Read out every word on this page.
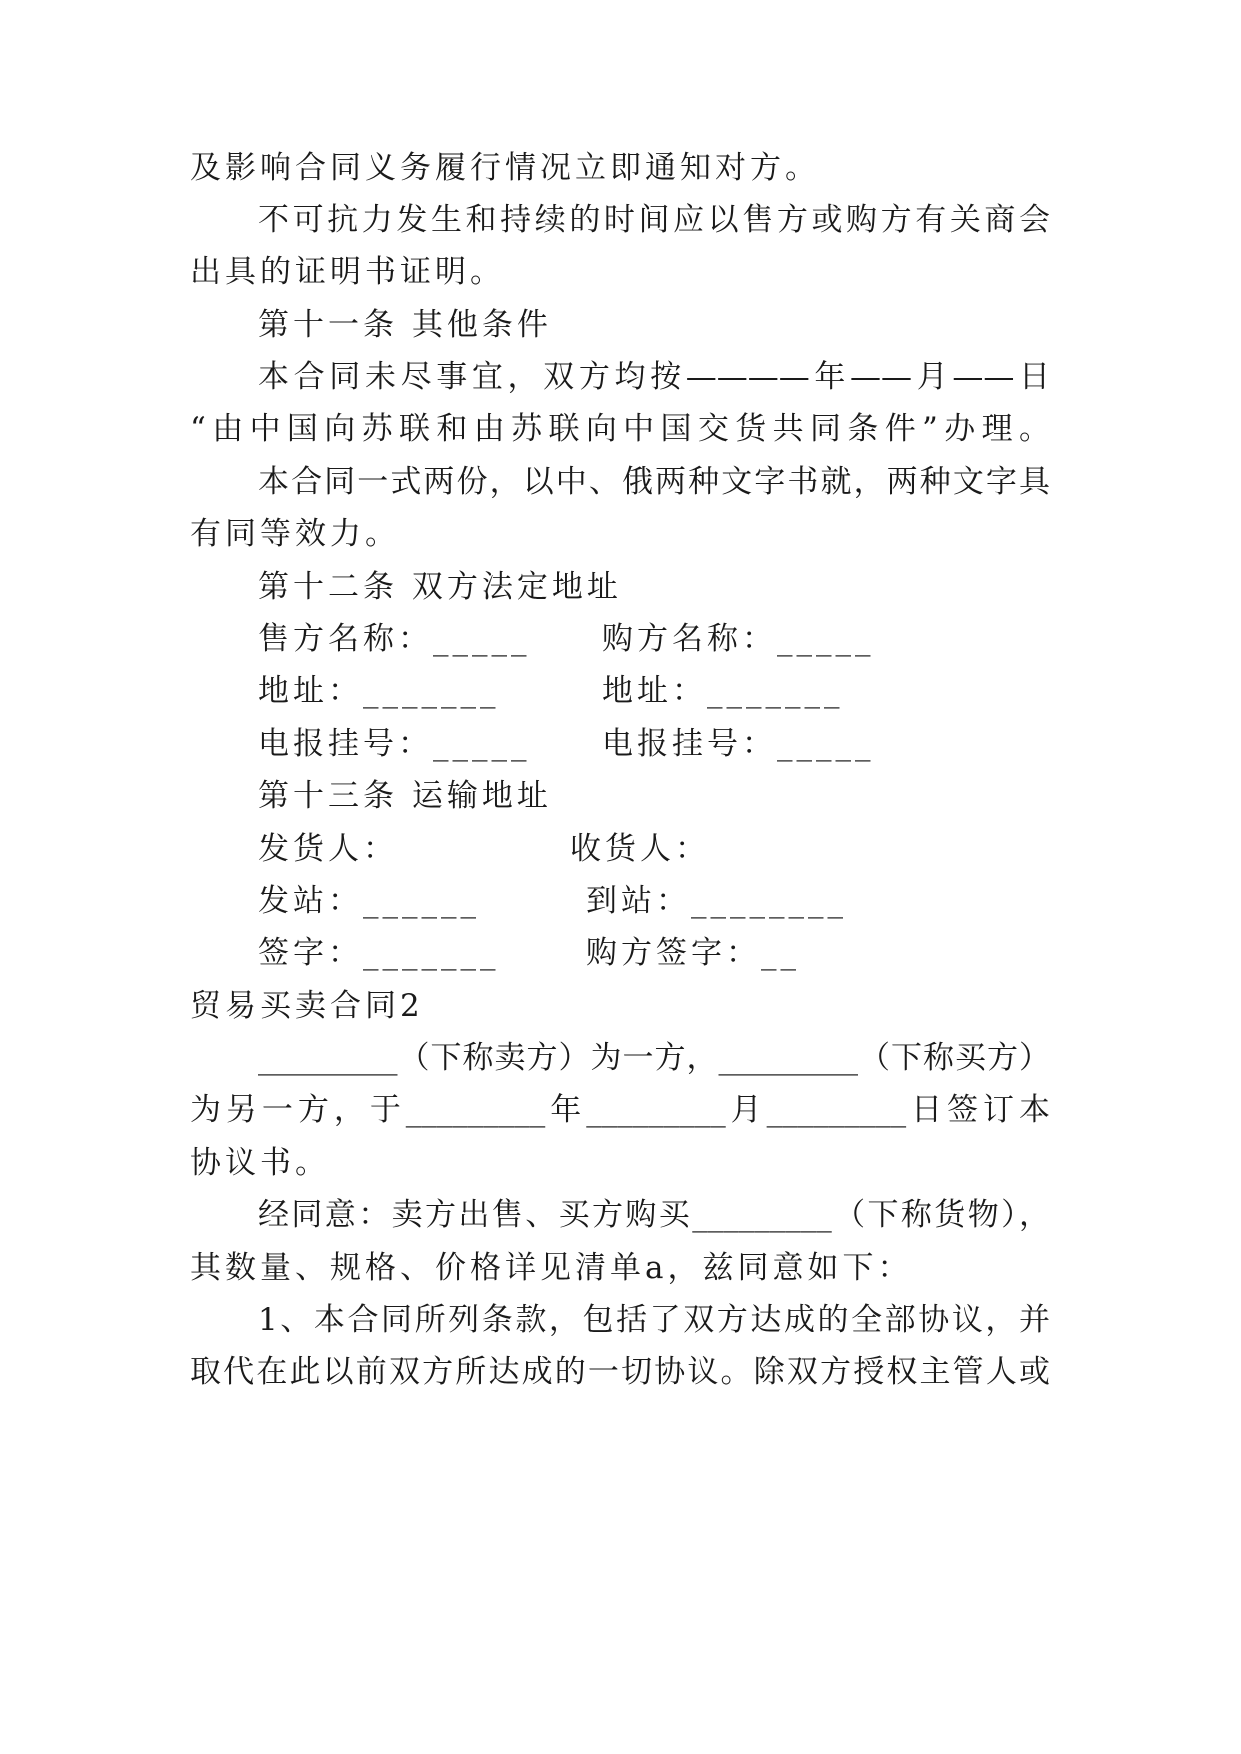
及影响合同义务履行情况立即通知对方。
不可抗力发生和持续的时间应以售方或购方有关商会
出具的证明书证明。
第十一条 其他条件
本合同未尽事宜，双方均按————年——月——日
“由中国向苏联和由苏联向中国交货共同条件”办理。
本合同一式两份，以中、俄两种文字书就，两种文字具
有同等效力。
第十二条 双方法定地址
售方名称：_____ 购方名称：_____
地址：_______	地址：_______
电报挂号：_____ 电报挂号：_____
第十三条 运输地址
发货人：	收货人：
发站：______	到站：________
签字：_______	购方签字：__
贸易买卖合同2
_________（下称卖方）为一方，_________（下称买方）
为另一方，于_________年_________月_________日签订本
协议书。
经同意：卖方出售、买方购买_________（下称货物），
其数量、规格、价格详见清单a，兹同意如下：
1、本合同所列条款，包括了双方达成的全部协议，并
取代在此以前双方所达成的一切协议。除双方授权主管人或
